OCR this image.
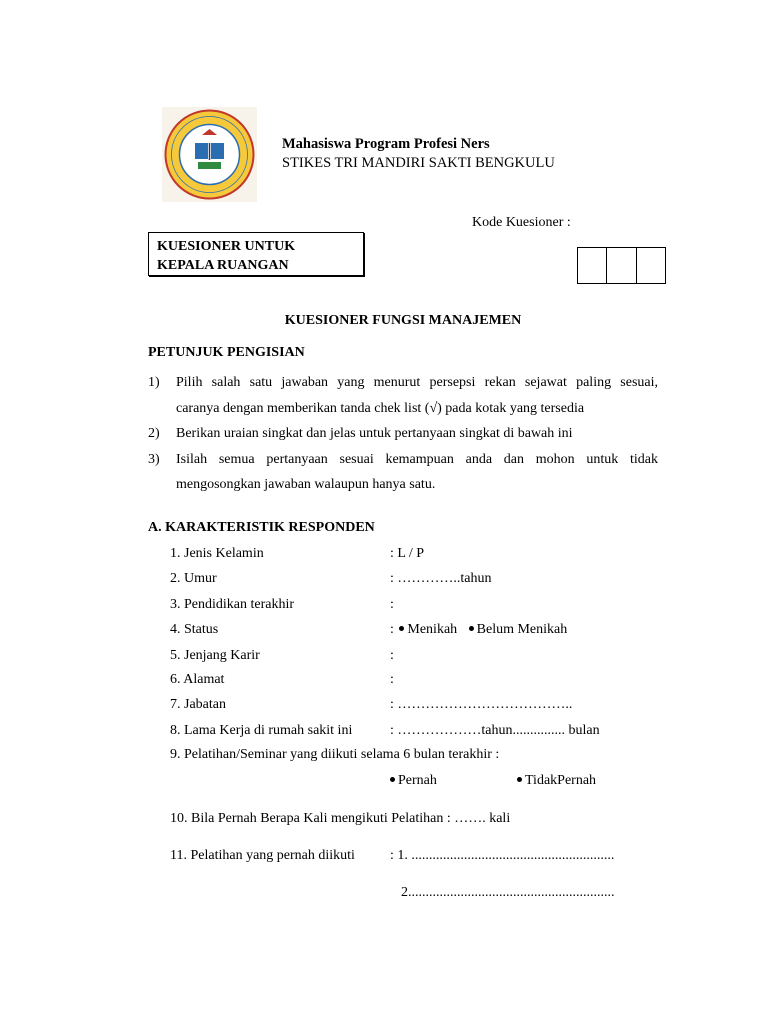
Mahasiswa Program Profesi Ners
STIKES TRI MANDIRI SAKTI BENGKULU
Kode Kuesioner :
KUESIONER UNTUK
KEPALA RUANGAN
KUESIONER FUNGSI MANAJEMEN
PETUNJUK PENGISIAN
1)	Pilih salah satu jawaban yang menurut persepsi rekan sejawat paling sesuai,
caranya dengan memberikan tanda chek list (√) pada kotak yang tersedia
2)	Berikan uraian singkat dan jelas untuk pertanyaan singkat di bawah ini
3)	Isilah semua pertanyaan sesuai kemampuan anda dan mohon untuk tidak
mengosongkan jawaban walaupun hanya satu.
A. KARAKTERISTIK RESPONDEN
1. Jenis Kelamin	: L / P
2. Umur	: …………..tahun
3. Pendidikan terakhir	:
4. Status	: Menikah Belum Menikah
5. Jenjang Karir	:
6. Alamat	:
7. Jabatan	: ………………………………..
8. Lama Kerja di rumah sakit ini	: ………………tahun............... bulan
9. Pelatihan/Seminar yang diikuti selama 6 bulan terakhir :
Pernah	TidakPernah
10. Bila Pernah Berapa Kali mengikuti Pelatihan : ……. kali
11. Pelatihan yang pernah diikuti	: 1. ..........................................................
2...........................................................
